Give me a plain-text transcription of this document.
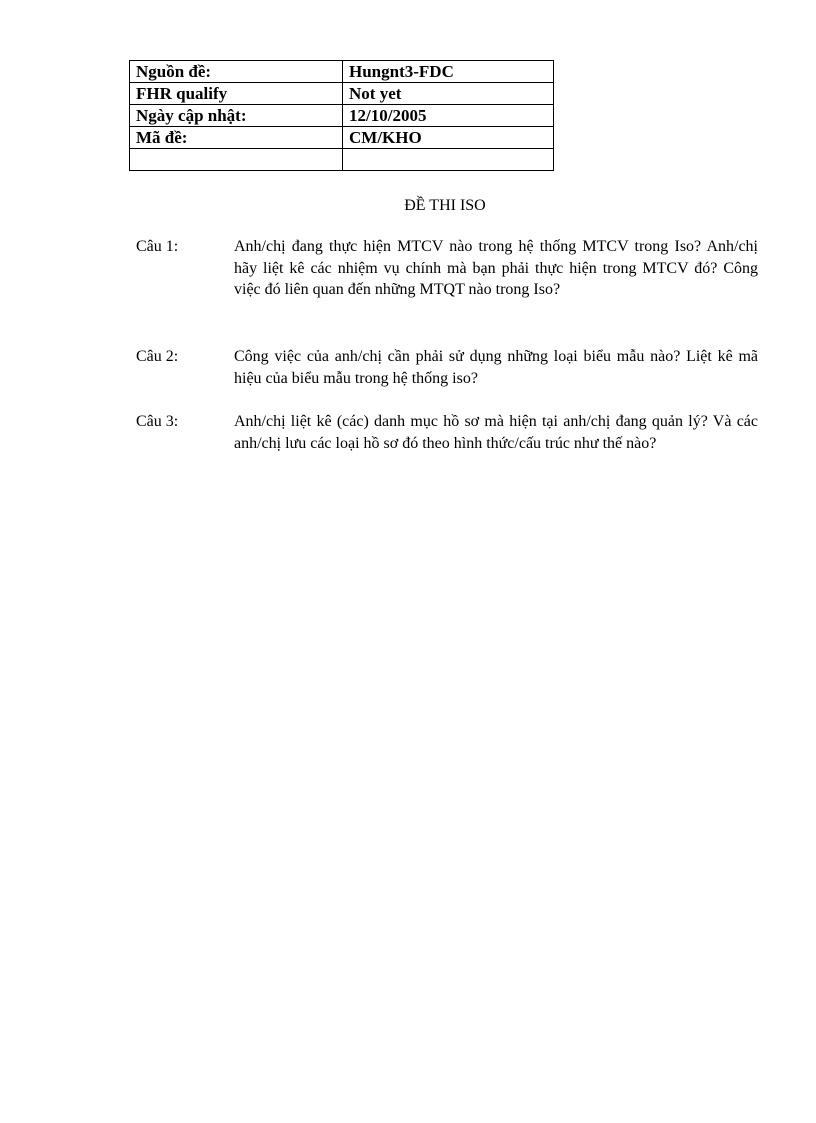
Nguồn đề:	Hungnt3-FDC
FHR qualify	Not yet
Ngày cập nhật:	12/10/2005
Mã đề:	CM/KHO

ĐỀ THI ISO
Câu 1:	Anh/chị đang thực hiện MTCV nào trong hệ thống MTCV trong Iso? Anh/chị hãy liệt kê các nhiệm vụ chính mà bạn phải thực hiện trong MTCV đó? Công việc đó liên quan đến những MTQT nào trong Iso?
Câu 2:	Công việc của anh/chị cần phải sử dụng những loại biểu mẫu nào? Liệt kê mã hiệu của biểu mẫu trong hệ thống iso?
Câu 3:	Anh/chị liệt kê (các) danh mục hồ sơ mà hiện tại anh/chị đang quản lý? Và các anh/chị lưu các loại hồ sơ đó theo hình thức/cấu trúc như thế nào?
